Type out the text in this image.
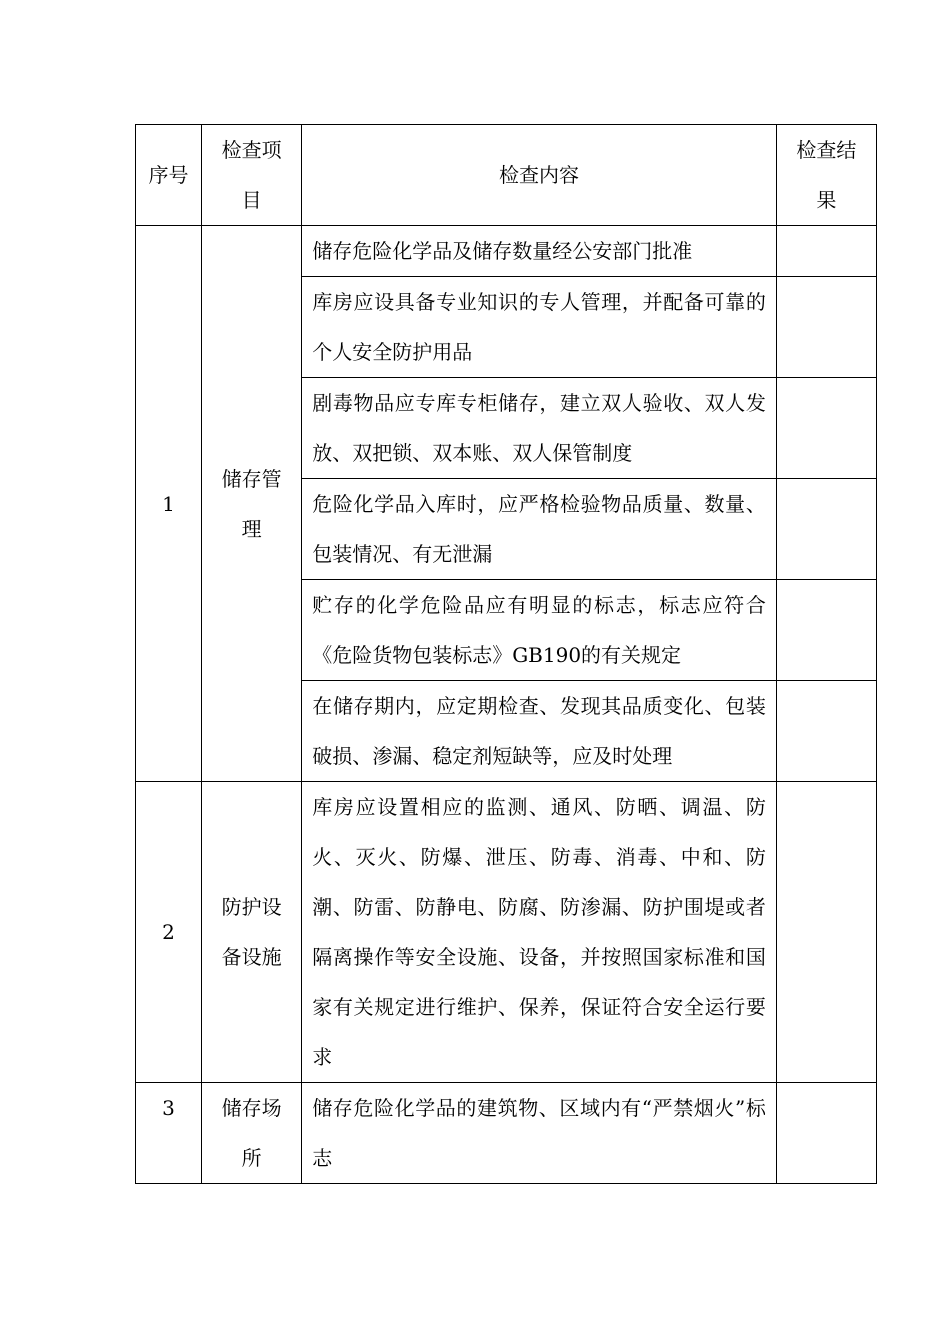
序号	检查项目	检查内容	检查结果
1	储存管理	储存危险化学品及储存数量经公安部门批准	
		库房应设具备专业知识的专人管理，并配备可靠的个人安全防护用品	
		剧毒物品应专库专柜储存，建立双人验收、双人发放、双把锁、双本账、双人保管制度	
		危险化学品入库时，应严格检验物品质量、数量、包装情况、有无泄漏	
		贮存的化学危险品应有明显的标志，标志应符合《危险货物包装标志》GB190的有关规定	
		在储存期内，应定期检查、发现其品质变化、包装破损、渗漏、稳定剂短缺等，应及时处理	
2	防护设备设施	库房应设置相应的监测、通风、防晒、调温、防火、灭火、防爆、泄压、防毒、消毒、中和、防潮、防雷、防静电、防腐、防渗漏、防护围堤或者隔离操作等安全设施、设备，并按照国家标准和国家有关规定进行维护、保养，保证符合安全运行要求	
3	储存场所	储存危险化学品的建筑物、区域内有“严禁烟火”标志	
